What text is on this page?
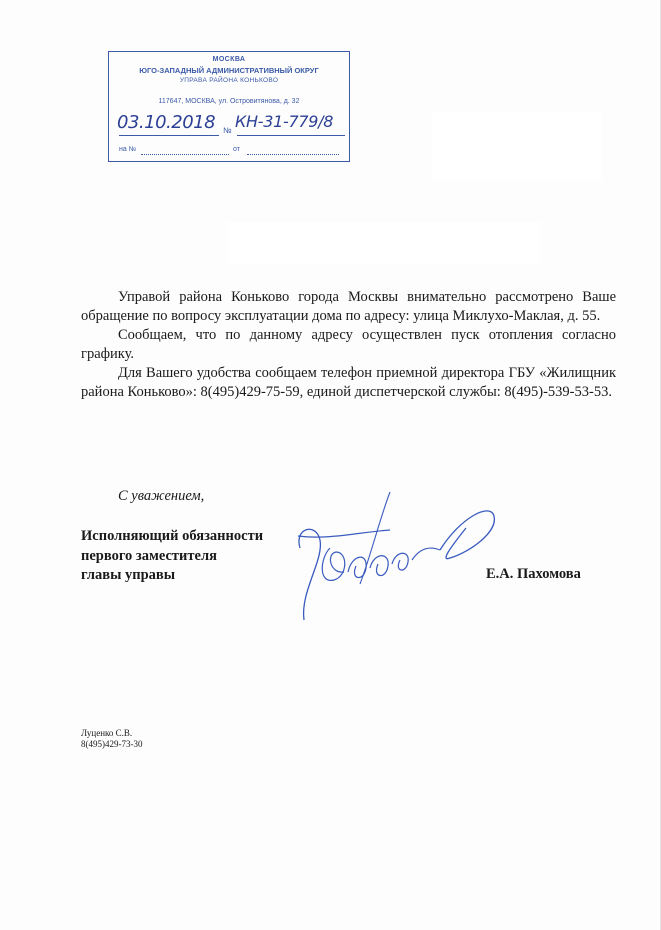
МОСКВА
ЮГО-ЗАПАДНЫЙ АДМИНИСТРАТИВНЫЙ ОКРУГ
УПРАВА РАЙОНА КОНЬКОВО
117647, МОСКВА, ул. Островитянова, д. 32
03.10.2018 № КН-31-779/8
на №	от

Управой района Коньково города Москвы внимательно рассмотрено Ваше обращение по вопросу эксплуатации дома по адресу: улица Миклухо-Маклая, д. 55.

Сообщаем, что по данному адресу осуществлен пуск отопления согласно графику.

Для Вашего удобства сообщаем телефон приемной директора ГБУ «Жилищник района Коньково»: 8(495)429-75-59, единой диспетчерской службы: 8(495)-539-53-53.

С уважением,
Исполняющий обязанности
первого заместителя
главы управы	Е.А. Пахомова
Луценко С.В.
8(495)429-73-30
